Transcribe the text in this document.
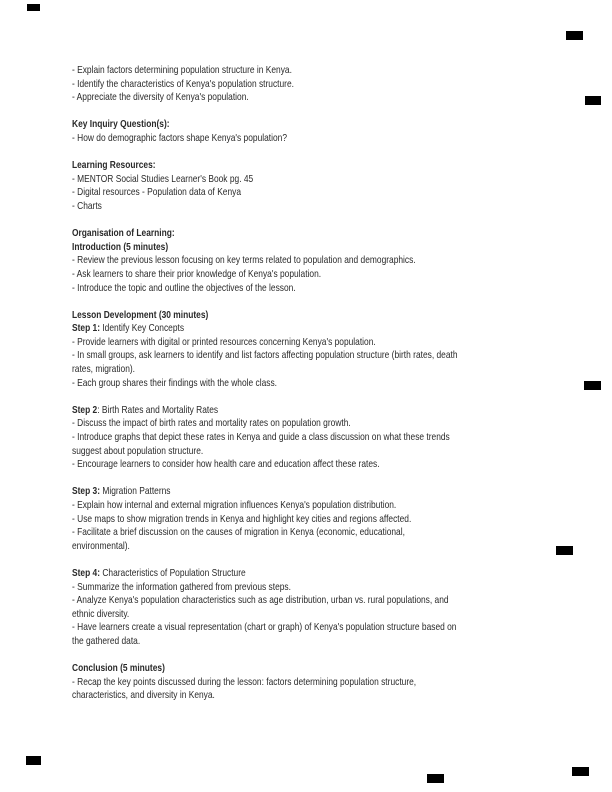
- Explain factors determining population structure in Kenya.
- Identify the characteristics of Kenya's population structure.
- Appreciate the diversity of Kenya's population.
Key Inquiry Question(s):
- How do demographic factors shape Kenya's population?
Learning Resources:
- MENTOR Social Studies Learner's Book pg. 45
- Digital resources - Population data of Kenya
- Charts
Organisation of Learning:
Introduction (5 minutes)
- Review the previous lesson focusing on key terms related to population and demographics.
- Ask learners to share their prior knowledge of Kenya's population.
- Introduce the topic and outline the objectives of the lesson.
Lesson Development (30 minutes)
Step 1: Identify Key Concepts
- Provide learners with digital or printed resources concerning Kenya's population.
- In small groups, ask learners to identify and list factors affecting population structure (birth rates, death
rates, migration).
- Each group shares their findings with the whole class.
Step 2: Birth Rates and Mortality Rates
- Discuss the impact of birth rates and mortality rates on population growth.
- Introduce graphs that depict these rates in Kenya and guide a class discussion on what these trends
suggest about population structure.
- Encourage learners to consider how health care and education affect these rates.
Step 3: Migration Patterns
- Explain how internal and external migration influences Kenya's population distribution.
- Use maps to show migration trends in Kenya and highlight key cities and regions affected.
- Facilitate a brief discussion on the causes of migration in Kenya (economic, educational,
environmental).
Step 4: Characteristics of Population Structure
- Summarize the information gathered from previous steps.
- Analyze Kenya's population characteristics such as age distribution, urban vs. rural populations, and
ethnic diversity.
- Have learners create a visual representation (chart or graph) of Kenya's population structure based on
the gathered data.
Conclusion (5 minutes)
- Recap the key points discussed during the lesson: factors determining population structure,
characteristics, and diversity in Kenya.
